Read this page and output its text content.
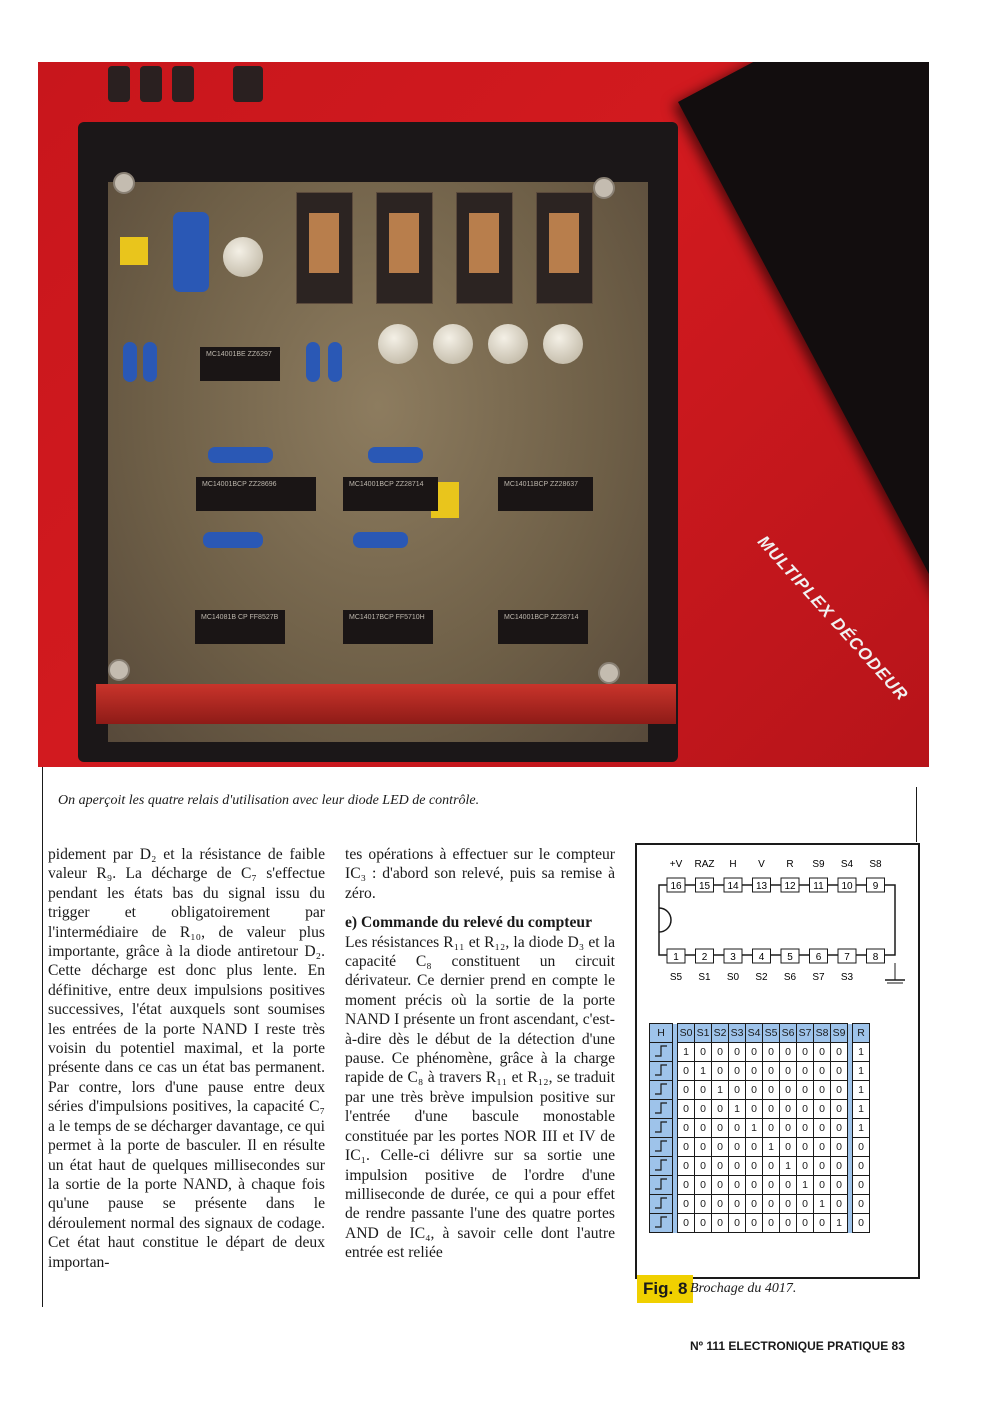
MULTIPLEX DÉCODEUR
MC14001BE ZZ6297
MC14001BCP ZZ28696	MC14001BCP ZZ28714	MC14011BCP ZZ28637
MC14081B CP FF8527B	MC14017BCP FF5710H	MC14001BCP ZZ28714
On aperçoit les quatre relais d'utilisation avec leur diode LED de contrôle.

pidement par D₂ et la résistance de faible valeur R₉. La décharge de C₇ s'effectue pendant les états bas du signal issu du trigger et obligatoirement par l'intermédiaire de R₁₀, de valeur plus importante, grâce à la diode antiretour D₂. Cette décharge est donc plus lente. En définitive, entre deux impulsions positives successives, l'état auxquels sont soumises les entrées de la porte NAND I reste très voisin du potentiel maximal, et la porte présente dans ce cas un état bas permanent. Par contre, lors d'une pause entre deux séries d'impulsions positives, la capacité C₇ a le temps de se décharger davantage, ce qui permet à la porte de basculer. Il en résulte un état haut de quelques millisecondes sur la sortie de la porte NAND, à chaque fois qu'une pause se présente dans le déroulement normal des signaux de codage. Cet état haut constitue le départ de deux importan-

tes opérations à effectuer sur le compteur IC₃ : d'abord son relevé, puis sa remise à zéro.

e) Commande du relevé du compteur

Les résistances R₁₁ et R₁₂, la diode D₃ et la capacité C₈ constituent un circuit dérivateur. Ce dernier prend en compte le moment précis où la sortie de la porte NAND I présente un front ascendant, c'est-à-dire dès le début de la détection d'une pause. Ce phénomène, grâce à la charge rapide de C₈ à travers R₁₁ et R₁₂, se traduit par une très brève impulsion positive sur l'entrée d'une bascule monostable constituée par les portes NOR III et IV de IC₁. Celle-ci délivre sur sa sortie une impulsion positive de l'ordre d'une milliseconde de durée, ce qui a pour effet de rendre passante l'une des quatre portes AND de IC₄, à savoir celle dont l'autre entrée est reliée

16
+V
15
RAZ
14
H
13
V
12
R
11
S9
10
S4
9
S8
1
S5
2
S1
3
S0
4
S2
5
S6
6
S7
7
S3
8
H		S0	S1	S2	S3	S4	S5	S6	S7	S8	S9		R
		1	0	0	0	0	0	0	0	0	0		1
		0	1	0	0	0	0	0	0	0	0		1
		0	0	1	0	0	0	0	0	0	0		1
		0	0	0	1	0	0	0	0	0	0		1
		0	0	0	0	1	0	0	0	0	0		1
		0	0	0	0	0	1	0	0	0	0		0
		0	0	0	0	0	0	1	0	0	0		0
		0	0	0	0	0	0	0	1	0	0		0
		0	0	0	0	0	0	0	0	1	0		0
		0	0	0	0	0	0	0	0	0	1		0
Fig. 8 Brochage du 4017.
Nº 111 ELECTRONIQUE PRATIQUE 83
